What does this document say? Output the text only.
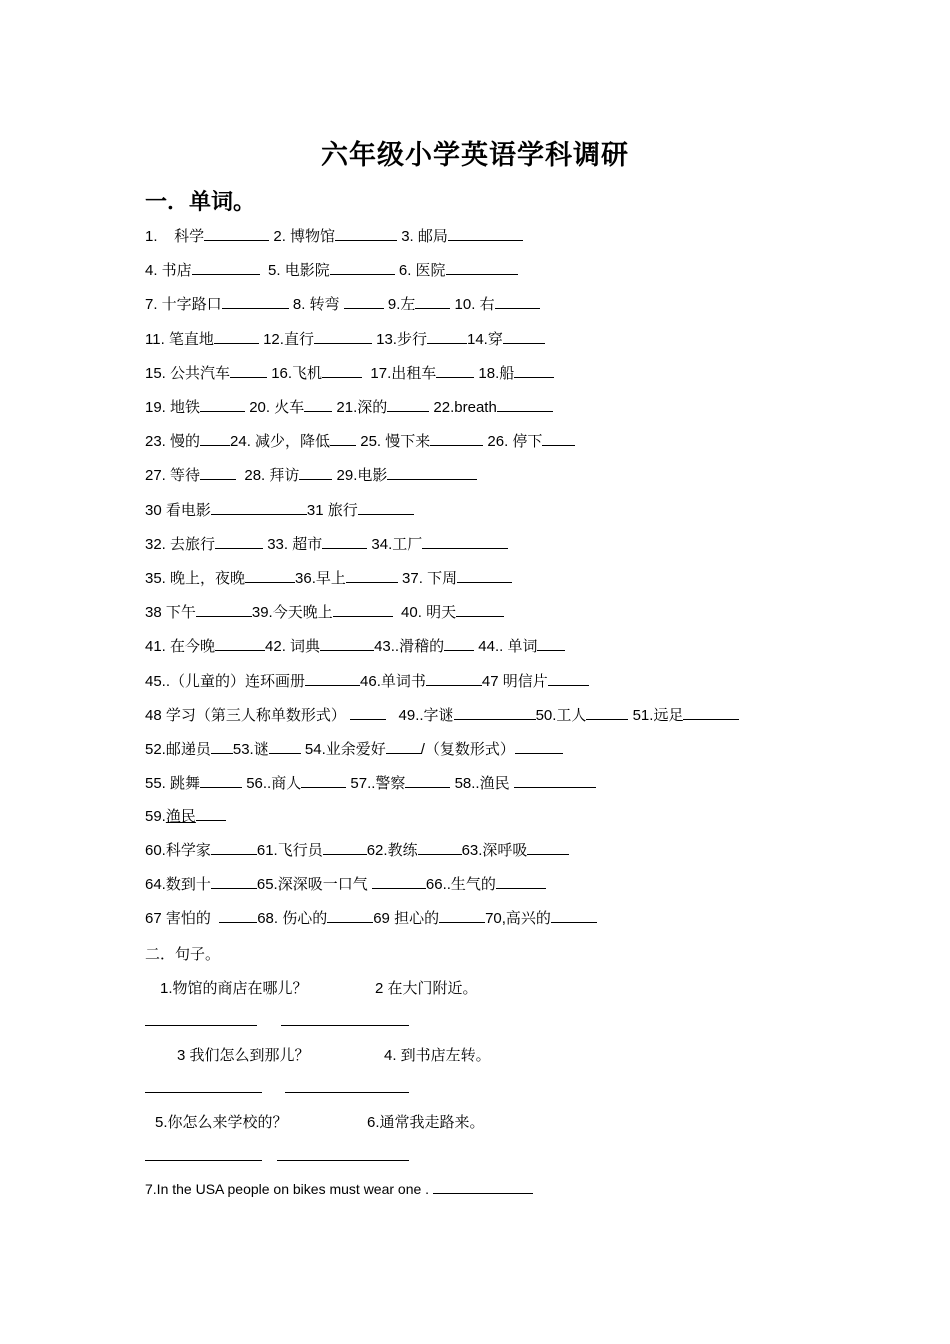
六年级小学英语学科调研
一．单词。
1.    科学	2. 博物馆	3. 邮局
4. 书店	5. 电影院	6. 医院
7. 十字路口	8. 转弯	9.左 10. 右
11. 笔直地	12.直行	13.步行	14.穿
15. 公共汽车 16.飞机	17.出租车	18.船
19. 地铁	20. 火车 21.深的	22.breath
23. 慢的 24. 减少，降低 25. 慢下来	26. 停下
27. 等待  28. 拜访 29.电影
30 看电影	31 旅行
32. 去旅行	33. 超市	34.工厂
35. 晚上，夜晚	36.早上	37. 下周
38 下午	39.今天晚上	40. 明天
41. 在今晚	42. 词典	43..滑稽的 44.. 单词
45..（儿童的）连环画册	46.单词书	47 明信片
48 学习（第三人称单数形式）    49..字谜	50.工人	51.远足
52.邮递员 53.谜 54.业余爱好 /（复数形式）
55. 跳舞	56..商人	57..警察	58..渔民
59.渔民
60.科学家	61.飞行员	62.教练	63.深呼吸
64.数到十	65.深深吸一口气	66..生气的
67 害怕的	68. 伤心的	69 担心的	70,高兴的
二．句子。
1.物馆的商店在哪儿？	2 在大门附近。
3 我们怎么到那儿？	4. 到书店左转。
5.你怎么来学校的？	6.通常我走路来。
7.In the USA people on bikes must wear one .
